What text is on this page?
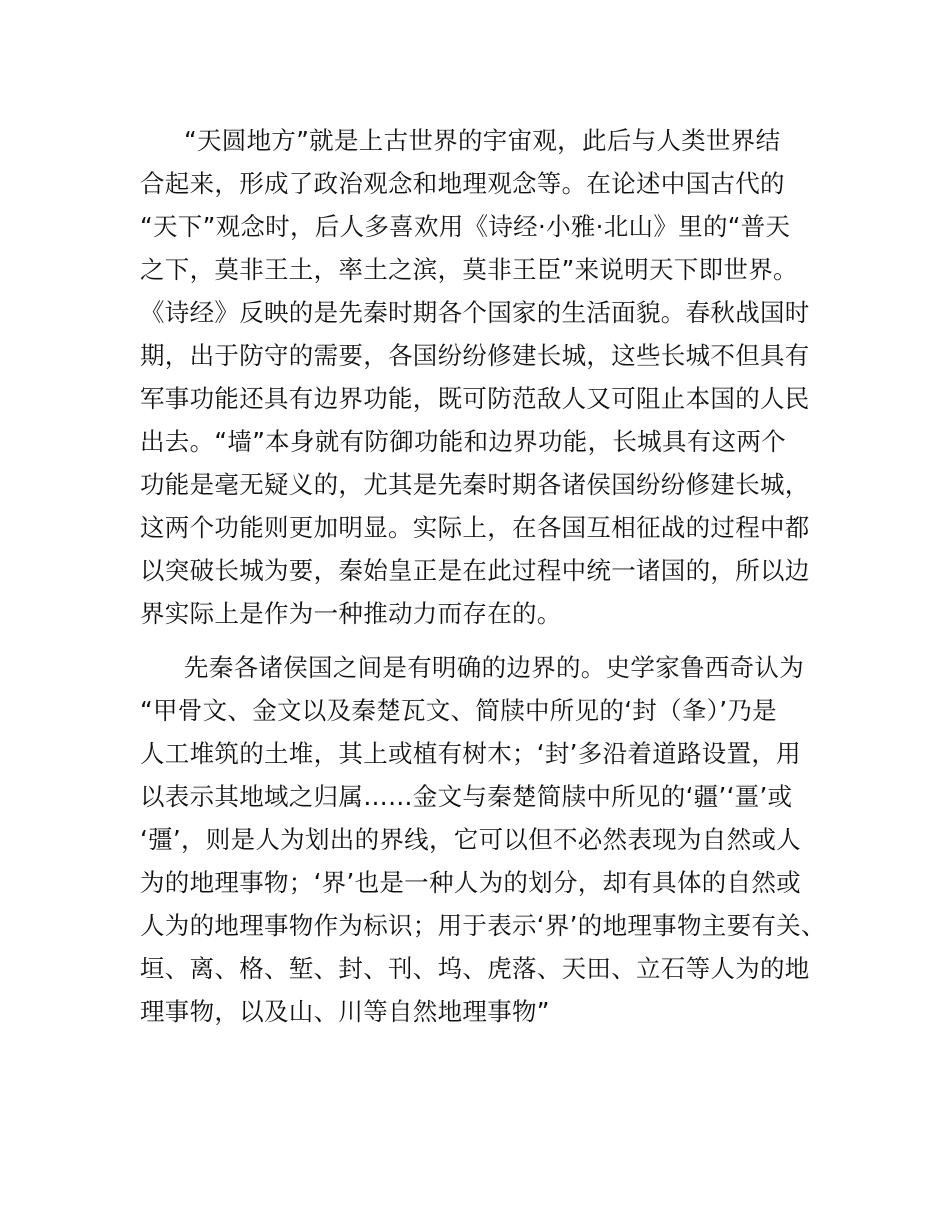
“天圆地方”就是上古世界的宇宙观，此后与人类世界结
合起来，形成了政治观念和地理观念等。在论述中国古代的
“天下”观念时，后人多喜欢用《诗经·小雅·北山》里的“普天
之下，莫非王土，率土之滨，莫非王臣”来说明天下即世界。
《诗经》反映的是先秦时期各个国家的生活面貌。春秋战国时
期，出于防守的需要，各国纷纷修建长城，这些长城不但具有
军事功能还具有边界功能，既可防范敌人又可阻止本国的人民
出去。“墙”本身就有防御功能和边界功能，长城具有这两个
功能是毫无疑义的，尤其是先秦时期各诸侯国纷纷修建长城，
这两个功能则更加明显。实际上，在各国互相征战的过程中都
以突破长城为要，秦始皇正是在此过程中统一诸国的，所以边
界实际上是作为一种推动力而存在的。
先秦各诸侯国之间是有明确的边界的。史学家鲁西奇认为
“甲骨文、金文以及秦楚瓦文、简牍中所见的‘封（夆）’乃是
人工堆筑的土堆，其上或植有树木；‘封’多沿着道路设置，用
以表示其地域之归属……金文与秦楚简牍中所见的‘疆’‘畺’或
‘彊’，则是人为划出的界线，它可以但不必然表现为自然或人
为的地理事物；‘界’也是一种人为的划分，却有具体的自然或
人为的地理事物作为标识；用于表示‘界’的地理事物主要有关、
垣、离、格、堑、封、刊、坞、虎落、天田、立石等人为的地
理事物，以及山、川等自然地理事物”
